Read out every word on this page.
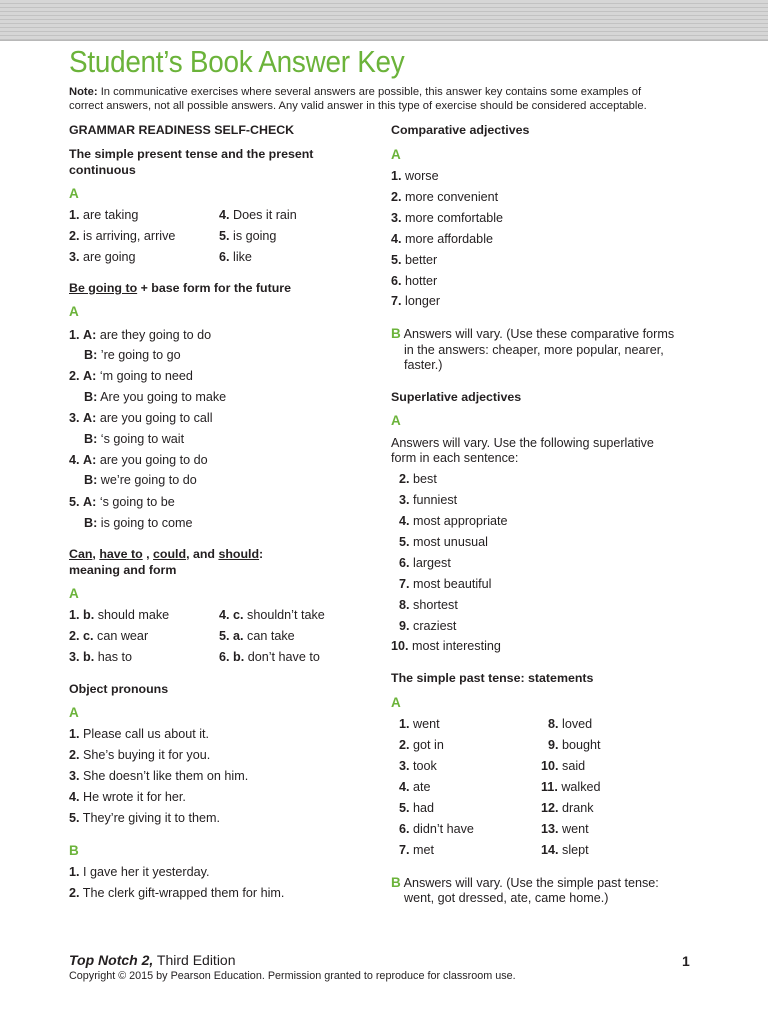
Student’s Book Answer Key
Note: In communicative exercises where several answers are possible, this answer key contains some examples of
correct answers, not all possible answers. Any valid answer in this type of exercise should be considered acceptable.
GRAMMAR READINESS SELF-CHECK
The simple present tense and the present
continuous
A
1. are taking
2. is arriving, arrive
3. are going
4. Does it rain
5. is going
6. like
Be going to + base form for the future
A
1. A: are they going to do
B: ’re going to go
2. A: ‘m going to need
B: Are you going to make
3. A: are you going to call
B: ‘s going to wait
4. A: are you going to do
B: we’re going to do
5. A: ‘s going to be
B: is going to come
Can, have to , could, and should:
meaning and form
A
1. b. should make
2. c. can wear
3. b. has to
4. c. shouldn’t take
5. a. can take
6. b. don’t have to
Object pronouns
A
1. Please call us about it.
2. She’s buying it for you.
3. She doesn’t like them on him.
4. He wrote it for her.
5. They’re giving it to them.
B
1. I gave her it yesterday.
2. The clerk gift-wrapped them for him.
Comparative adjectives
A
1. worse
2. more convenient
3. more comfortable
4. more affordable
5. better
6. hotter
7. longer
B Answers will vary. (Use these comparative forms
in the answers: cheaper, more popular, nearer,
faster.)
Superlative adjectives
A
Answers will vary. Use the following superlative
form in each sentence:
2. best
3. funniest
4. most appropriate
5. most unusual
6. largest
7. most beautiful
8. shortest
9. craziest
10. most interesting
The simple past tense: statements
A
1. went
2. got in
3. took
4. ate
5. had
6. didn’t have
7. met
8. loved
9. bought
10. said
11. walked
12. drank
13. went
14. slept
B Answers will vary. (Use the simple past tense:
went, got dressed, ate, came home.)
Top Notch 2, Third Edition
Copyright © 2015 by Pearson Education. Permission granted to reproduce for classroom use.
1
